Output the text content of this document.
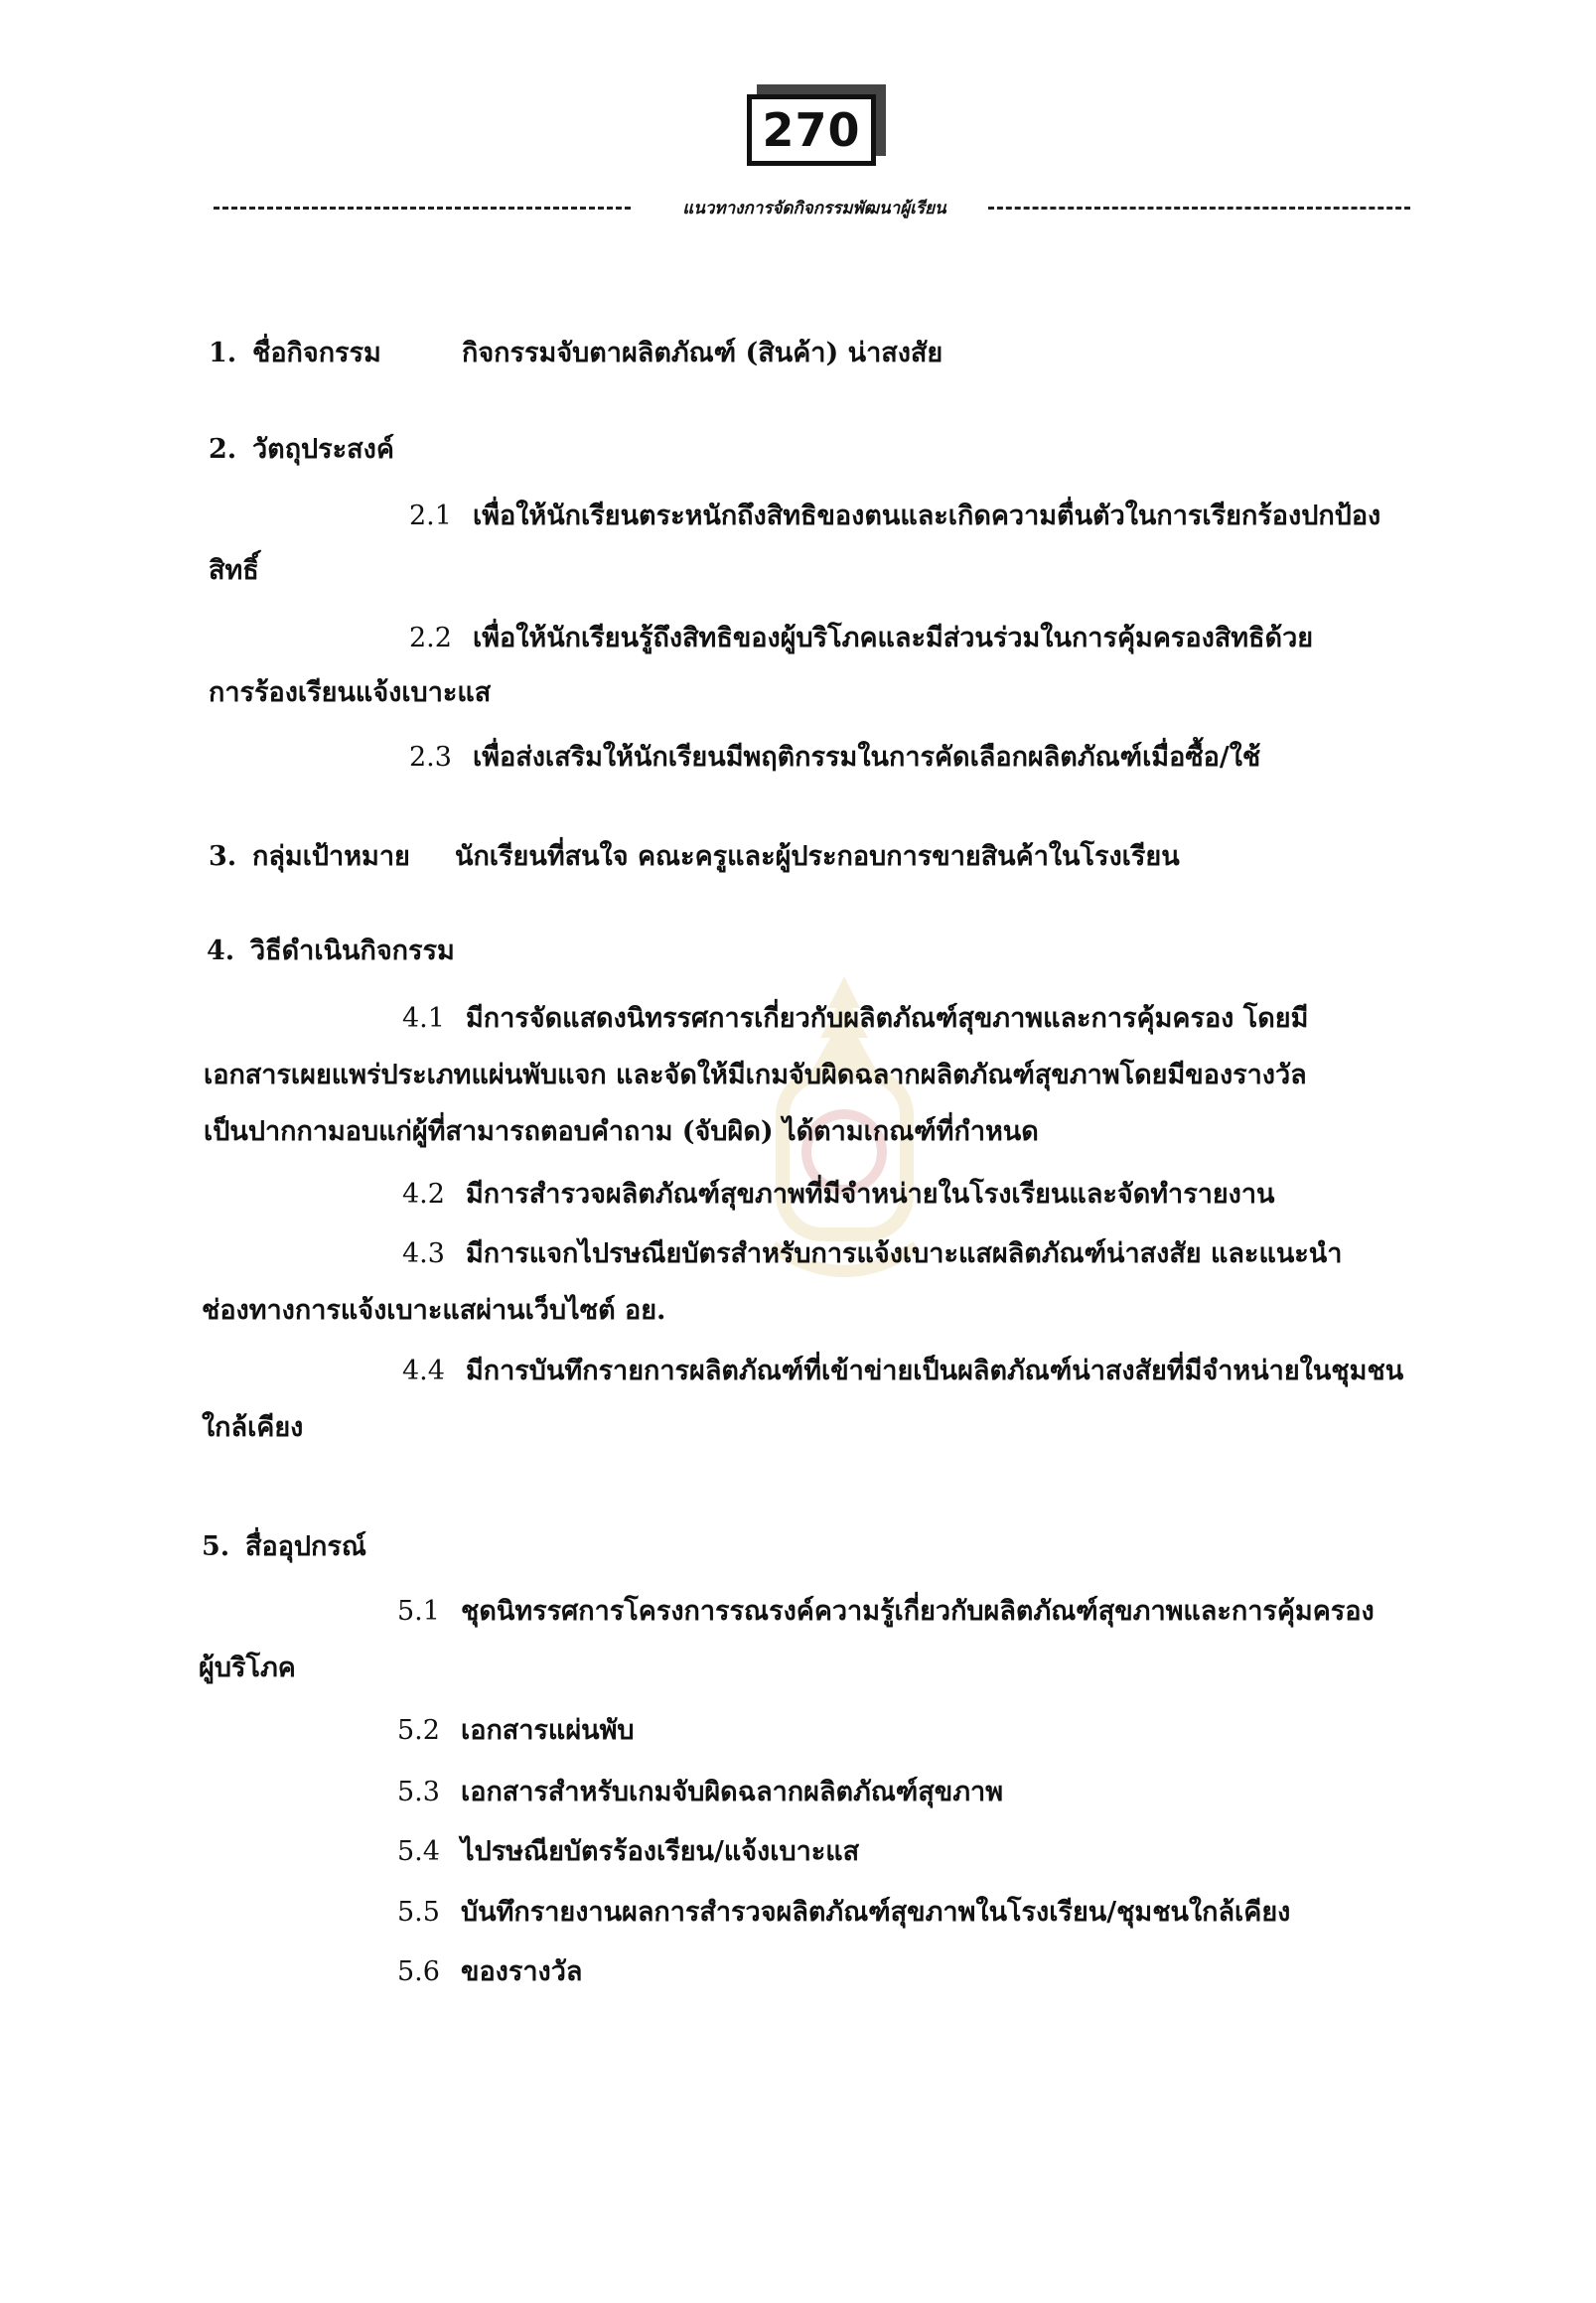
270
แนวทางการจัดกิจกรรมพัฒนาผู้เรียน
1. ชื่อกิจกรรม	กิจกรรมจับตาผลิตภัณฑ์ (สินค้า) น่าสงสัย
2. วัตถุประสงค์
2.1 เพื่อให้นักเรียนตระหนักถึงสิทธิของตนและเกิดความตื่นตัวในการเรียกร้องปกป้อง
สิทธิ์
2.2 เพื่อให้นักเรียนรู้ถึงสิทธิของผู้บริโภคและมีส่วนร่วมในการคุ้มครองสิทธิด้วย
การร้องเรียนแจ้งเบาะแส
2.3 เพื่อส่งเสริมให้นักเรียนมีพฤติกรรมในการคัดเลือกผลิตภัณฑ์เมื่อซื้อ/ใช้
3. กลุ่มเป้าหมาย นักเรียนที่สนใจ คณะครูและผู้ประกอบการขายสินค้าในโรงเรียน
4. วิธีดำเนินกิจกรรม
4.1 มีการจัดแสดงนิทรรศการเกี่ยวกับผลิตภัณฑ์สุขภาพและการคุ้มครอง โดยมี
เอกสารเผยแพร่ประเภทแผ่นพับแจก และจัดให้มีเกมจับผิดฉลากผลิตภัณฑ์สุขภาพโดยมีของรางวัล
เป็นปากกามอบแก่ผู้ที่สามารถตอบคำถาม (จับผิด) ได้ตามเกณฑ์ที่กำหนด
4.2 มีการสำรวจผลิตภัณฑ์สุขภาพที่มีจำหน่ายในโรงเรียนและจัดทำรายงาน
4.3 มีการแจกไปรษณียบัตรสำหรับการแจ้งเบาะแสผลิตภัณฑ์น่าสงสัย และแนะนำ
ช่องทางการแจ้งเบาะแสผ่านเว็บไซต์ อย.
4.4 มีการบันทึกรายการผลิตภัณฑ์ที่เข้าข่ายเป็นผลิตภัณฑ์น่าสงสัยที่มีจำหน่ายในชุมชน
ใกล้เคียง
5. สื่ออุปกรณ์
5.1 ชุดนิทรรศการโครงการรณรงค์ความรู้เกี่ยวกับผลิตภัณฑ์สุขภาพและการคุ้มครอง
ผู้บริโภค
5.2 เอกสารแผ่นพับ
5.3 เอกสารสำหรับเกมจับผิดฉลากผลิตภัณฑ์สุขภาพ
5.4 ไปรษณียบัตรร้องเรียน/แจ้งเบาะแส
5.5 บันทึกรายงานผลการสำรวจผลิตภัณฑ์สุขภาพในโรงเรียน/ชุมชนใกล้เคียง
5.6 ของรางวัล
